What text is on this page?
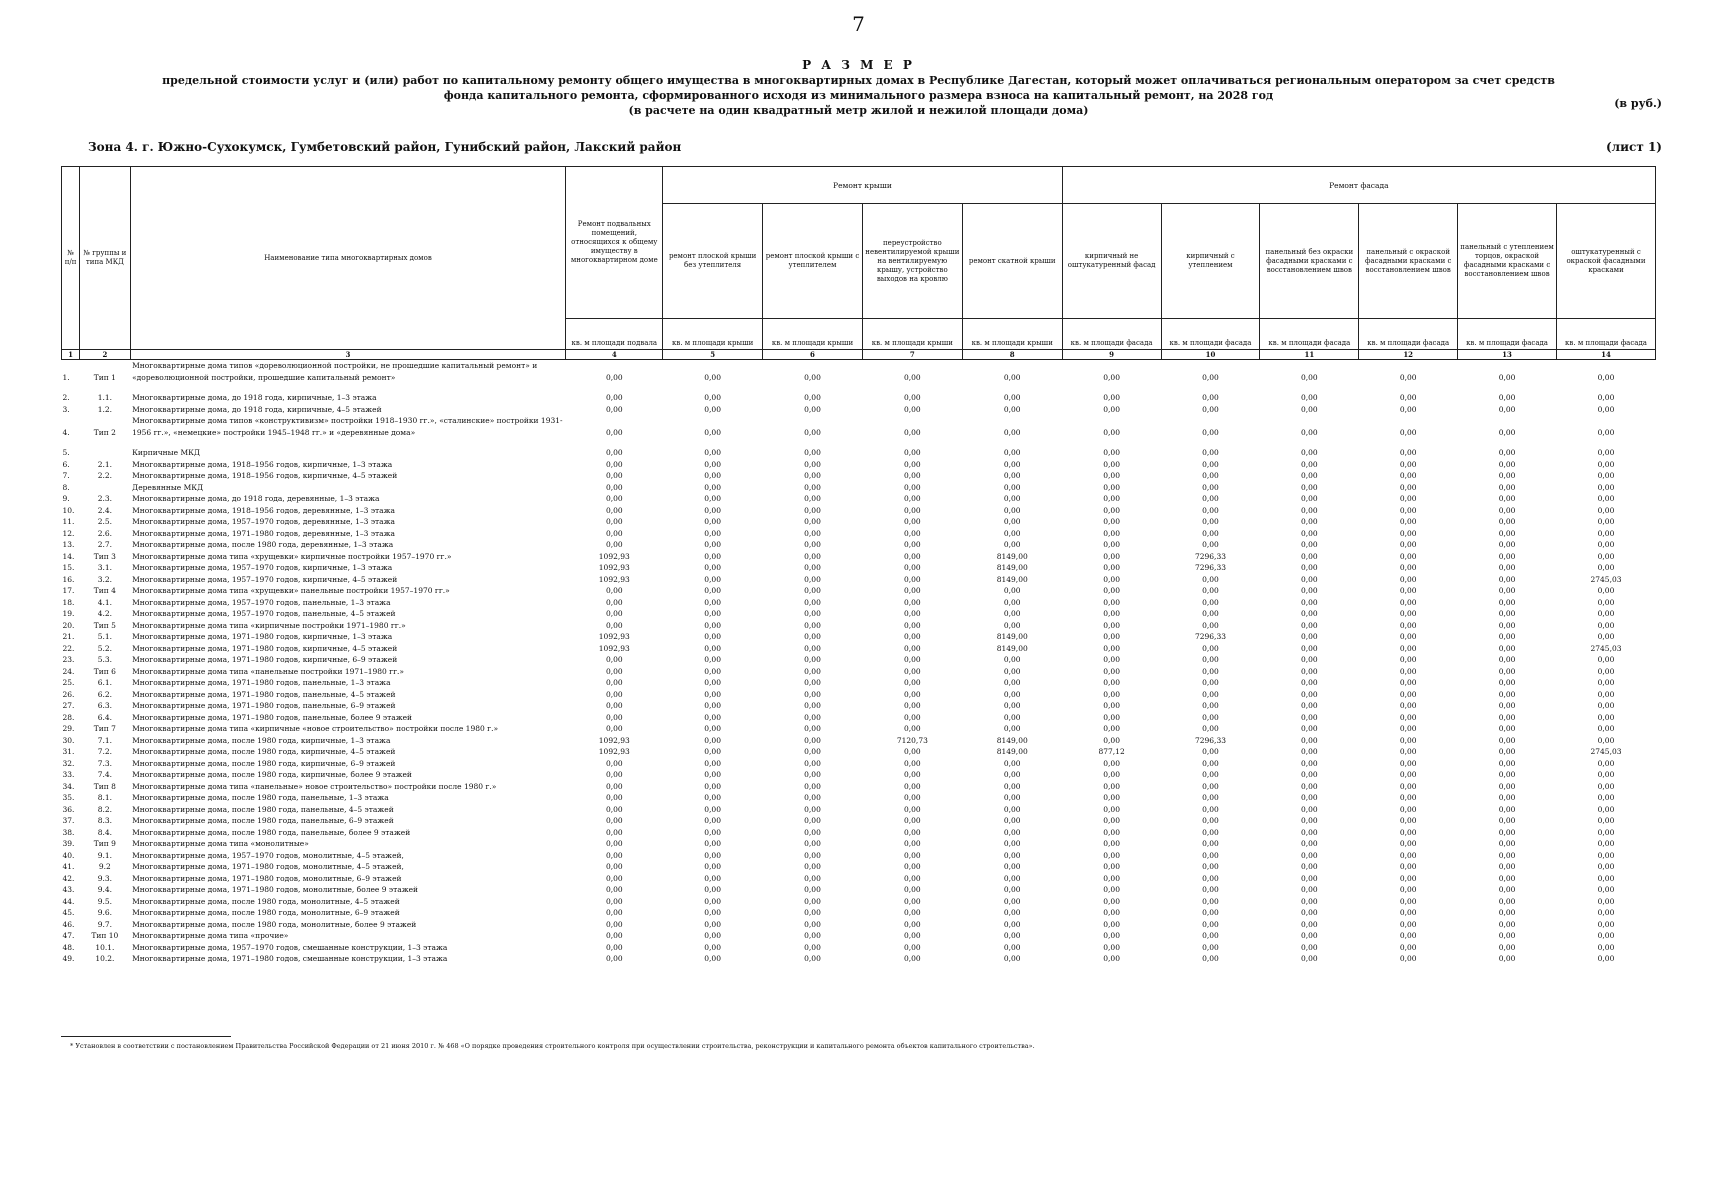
7
Р А З М Е Р
предельной стоимости услуг и (или) работ по капитальному ремонту общего имущества в многоквартирных домах в Республике Дагестан, который может оплачиваться региональным оператором за счет средств
фонда капитального ремонта, сформированного исходя из минимального размера взноса на капитальный ремонт, на 2028 год
(в расчете на один квадратный метр жилой и нежилой площади дома)
(в руб.)
Зона 4. г. Южно-Сухокумск, Гумбетовский район, Гунибский район, Лакский район	(лист 1)
№ п/п	№ группы и типа МКД	Наименование типа многоквартирных домов	Ремонт подвальных помещений, относящихся к общему имуществу в многоквартирном доме	Ремонт крыши				Ремонт фасада					
				ремонт плоской крыши без утеплителя	ремонт плоской крыши с утеплителем	переустройство невентилируемой крыши на вентилируемую крышу, устройство выходов на кровлю	ремонт скатной крыши	кирпичный не оштукатуренный фасад	кирпичный с утеплением	панельный без окраски фасадными красками с восстановлением швов	панельный с окраской фасадными красками с восстановлением швов	панельный с утеплением торцов, окраской фасадными красками с восстановлением швов	оштукатуренный с окраской фасадными красками
			кв. м площади подвала	кв. м площади крыши	кв. м площади крыши	кв. м площади крыши	кв. м площади крыши	кв. м площади фасада	кв. м площади фасада	кв. м площади фасада	кв. м площади фасада	кв. м площади фасада	кв. м площади фасада
1	2	3	4	5	6	7	8	9	10	11	12	13	14
1.	Тип 1	Многоквартирные дома типов «дореволюционной постройки, не прошедшие капитальный ремонт» и «дореволюционной постройки, прошедшие капитальный ремонт»	0,00	0,00	0,00	0,00	0,00	0,00	0,00	0,00	0,00	0,00	0,00

2.	1.1.	Многоквартирные дома, до 1918 года, кирпичные, 1–3 этажа	0,00	0,00	0,00	0,00	0,00	0,00	0,00	0,00	0,00	0,00	0,00
3.	1.2.	Многоквартирные дома, до 1918 года, кирпичные, 4–5 этажей	0,00	0,00	0,00	0,00	0,00	0,00	0,00	0,00	0,00	0,00	0,00
4.	Тип 2	Многоквартирные дома типов «конструктивизм» постройки 1918–1930 гг.», «сталинские» постройки 1931-1956 гг.», «немецкие» постройки 1945–1948 гг.» и «деревянные дома»	0,00	0,00	0,00	0,00	0,00	0,00	0,00	0,00	0,00	0,00	0,00

5.		Кирпичные МКД	0,00	0,00	0,00	0,00	0,00	0,00	0,00	0,00	0,00	0,00	0,00
6.	2.1.	Многоквартирные дома, 1918–1956 годов, кирпичные, 1–3 этажа	0,00	0,00	0,00	0,00	0,00	0,00	0,00	0,00	0,00	0,00	0,00
7.	2.2.	Многоквартирные дома, 1918–1956 годов, кирпичные, 4–5 этажей	0,00	0,00	0,00	0,00	0,00	0,00	0,00	0,00	0,00	0,00	0,00
8.		Деревянные МКД	0,00	0,00	0,00	0,00	0,00	0,00	0,00	0,00	0,00	0,00	0,00
9.	2.3.	Многоквартирные дома, до 1918 года, деревянные, 1–3 этажа	0,00	0,00	0,00	0,00	0,00	0,00	0,00	0,00	0,00	0,00	0,00
10.	2.4.	Многоквартирные дома, 1918–1956 годов, деревянные, 1–3 этажа	0,00	0,00	0,00	0,00	0,00	0,00	0,00	0,00	0,00	0,00	0,00
11.	2.5.	Многоквартирные дома, 1957–1970 годов, деревянные, 1–3 этажа	0,00	0,00	0,00	0,00	0,00	0,00	0,00	0,00	0,00	0,00	0,00
12.	2.6.	Многоквартирные дома, 1971–1980 годов, деревянные, 1–3 этажа	0,00	0,00	0,00	0,00	0,00	0,00	0,00	0,00	0,00	0,00	0,00
13.	2.7.	Многоквартирные дома, после 1980 года, деревянные, 1–3 этажа	0,00	0,00	0,00	0,00	0,00	0,00	0,00	0,00	0,00	0,00	0,00
14.	Тип 3	Многоквартирные дома типа «хрущевки» кирпичные постройки 1957–1970 гг.»	1092,93	0,00	0,00	0,00	8149,00	0,00	7296,33	0,00	0,00	0,00	0,00
15.	3.1.	Многоквартирные дома, 1957–1970 годов, кирпичные, 1–3 этажа	1092,93	0,00	0,00	0,00	8149,00	0,00	7296,33	0,00	0,00	0,00	0,00
16.	3.2.	Многоквартирные дома, 1957–1970 годов, кирпичные, 4–5 этажей	1092,93	0,00	0,00	0,00	8149,00	0,00	0,00	0,00	0,00	0,00	2745,03
17.	Тип 4	Многоквартирные дома типа «хрущевки» панельные постройки 1957–1970 гг.»	0,00	0,00	0,00	0,00	0,00	0,00	0,00	0,00	0,00	0,00	0,00
18.	4.1.	Многоквартирные дома, 1957–1970 годов, панельные, 1–3 этажа	0,00	0,00	0,00	0,00	0,00	0,00	0,00	0,00	0,00	0,00	0,00
19.	4.2.	Многоквартирные дома, 1957–1970 годов, панельные, 4–5 этажей	0,00	0,00	0,00	0,00	0,00	0,00	0,00	0,00	0,00	0,00	0,00
20.	Тип 5	Многоквартирные дома типа «кирпичные постройки 1971–1980 гг.»	0,00	0,00	0,00	0,00	0,00	0,00	0,00	0,00	0,00	0,00	0,00
21.	5.1.	Многоквартирные дома, 1971–1980 годов, кирпичные, 1–3 этажа	1092,93	0,00	0,00	0,00	8149,00	0,00	7296,33	0,00	0,00	0,00	0,00
22.	5.2.	Многоквартирные дома, 1971–1980 годов, кирпичные, 4–5 этажей	1092,93	0,00	0,00	0,00	8149,00	0,00	0,00	0,00	0,00	0,00	2745,03
23.	5.3.	Многоквартирные дома, 1971–1980 годов, кирпичные, 6–9 этажей	0,00	0,00	0,00	0,00	0,00	0,00	0,00	0,00	0,00	0,00	0,00
24.	Тип 6	Многоквартирные дома типа «панельные постройки 1971–1980 гг.»	0,00	0,00	0,00	0,00	0,00	0,00	0,00	0,00	0,00	0,00	0,00
25.	6.1.	Многоквартирные дома, 1971–1980 годов, панельные, 1–3 этажа	0,00	0,00	0,00	0,00	0,00	0,00	0,00	0,00	0,00	0,00	0,00
26.	6.2.	Многоквартирные дома, 1971–1980 годов, панельные, 4–5 этажей	0,00	0,00	0,00	0,00	0,00	0,00	0,00	0,00	0,00	0,00	0,00
27.	6.3.	Многоквартирные дома, 1971–1980 годов, панельные, 6–9 этажей	0,00	0,00	0,00	0,00	0,00	0,00	0,00	0,00	0,00	0,00	0,00
28.	6.4.	Многоквартирные дома, 1971–1980 годов, панельные, более 9 этажей	0,00	0,00	0,00	0,00	0,00	0,00	0,00	0,00	0,00	0,00	0,00
29.	Тип 7	Многоквартирные дома типа «кирпичные «новое строительство» постройки после 1980 г.»	0,00	0,00	0,00	0,00	0,00	0,00	0,00	0,00	0,00	0,00	0,00
30.	7.1.	Многоквартирные дома, после 1980 года, кирпичные, 1–3 этажа	1092,93	0,00	0,00	7120,73	8149,00	0,00	7296,33	0,00	0,00	0,00	0,00
31.	7.2.	Многоквартирные дома, после 1980 года, кирпичные, 4–5 этажей	1092,93	0,00	0,00	0,00	8149,00	877,12	0,00	0,00	0,00	0,00	2745,03
32.	7.3.	Многоквартирные дома, после 1980 года, кирпичные, 6–9 этажей	0,00	0,00	0,00	0,00	0,00	0,00	0,00	0,00	0,00	0,00	0,00
33.	7.4.	Многоквартирные дома, после 1980 года, кирпичные, более 9 этажей	0,00	0,00	0,00	0,00	0,00	0,00	0,00	0,00	0,00	0,00	0,00
34.	Тип 8	Многоквартирные дома типа «панельные» новое строительство» постройки после 1980 г.»	0,00	0,00	0,00	0,00	0,00	0,00	0,00	0,00	0,00	0,00	0,00
35.	8.1.	Многоквартирные дома, после 1980 года, панельные, 1–3 этажа	0,00	0,00	0,00	0,00	0,00	0,00	0,00	0,00	0,00	0,00	0,00
36.	8.2.	Многоквартирные дома, после 1980 года, панельные, 4–5 этажей	0,00	0,00	0,00	0,00	0,00	0,00	0,00	0,00	0,00	0,00	0,00
37.	8.3.	Многоквартирные дома, после 1980 года, панельные, 6–9 этажей	0,00	0,00	0,00	0,00	0,00	0,00	0,00	0,00	0,00	0,00	0,00
38.	8.4.	Многоквартирные дома, после 1980 года, панельные, более 9 этажей	0,00	0,00	0,00	0,00	0,00	0,00	0,00	0,00	0,00	0,00	0,00
39.	Тип 9	Многоквартирные дома типа «монолитные»	0,00	0,00	0,00	0,00	0,00	0,00	0,00	0,00	0,00	0,00	0,00
40.	9.1.	Многоквартирные дома, 1957–1970 годов, монолитные, 4–5 этажей,	0,00	0,00	0,00	0,00	0,00	0,00	0,00	0,00	0,00	0,00	0,00
41.	9.2	Многоквартирные дома, 1971–1980 годов, монолитные, 4–5 этажей,	0,00	0,00	0,00	0,00	0,00	0,00	0,00	0,00	0,00	0,00	0,00
42.	9.3.	Многоквартирные дома, 1971–1980 годов, монолитные, 6–9 этажей	0,00	0,00	0,00	0,00	0,00	0,00	0,00	0,00	0,00	0,00	0,00
43.	9.4.	Многоквартирные дома, 1971–1980 годов, монолитные, более 9 этажей	0,00	0,00	0,00	0,00	0,00	0,00	0,00	0,00	0,00	0,00	0,00
44.	9.5.	Многоквартирные дома, после 1980 года, монолитные, 4–5 этажей	0,00	0,00	0,00	0,00	0,00	0,00	0,00	0,00	0,00	0,00	0,00
45.	9.6.	Многоквартирные дома, после 1980 года, монолитные, 6–9 этажей	0,00	0,00	0,00	0,00	0,00	0,00	0,00	0,00	0,00	0,00	0,00
46.	9.7.	Многоквартирные дома, после 1980 года, монолитные, более 9 этажей	0,00	0,00	0,00	0,00	0,00	0,00	0,00	0,00	0,00	0,00	0,00
47.	Тип 10	Многоквартирные дома типа «прочие»	0,00	0,00	0,00	0,00	0,00	0,00	0,00	0,00	0,00	0,00	0,00
48.	10.1.	Многоквартирные дома, 1957–1970 годов, смешанные конструкции, 1–3 этажа	0,00	0,00	0,00	0,00	0,00	0,00	0,00	0,00	0,00	0,00	0,00
49.	10.2.	Многоквартирные дома, 1971–1980 годов, смешанные конструкции, 1–3 этажа	0,00	0,00	0,00	0,00	0,00	0,00	0,00	0,00	0,00	0,00	0,00
* Установлен в соответствии с постановлением Правительства Российской Федерации от 21 июня 2010 г. № 468 «О порядке проведения строительного контроля при осуществлении строительства, реконструкции и капитального ремонта объектов капитального строительства».
